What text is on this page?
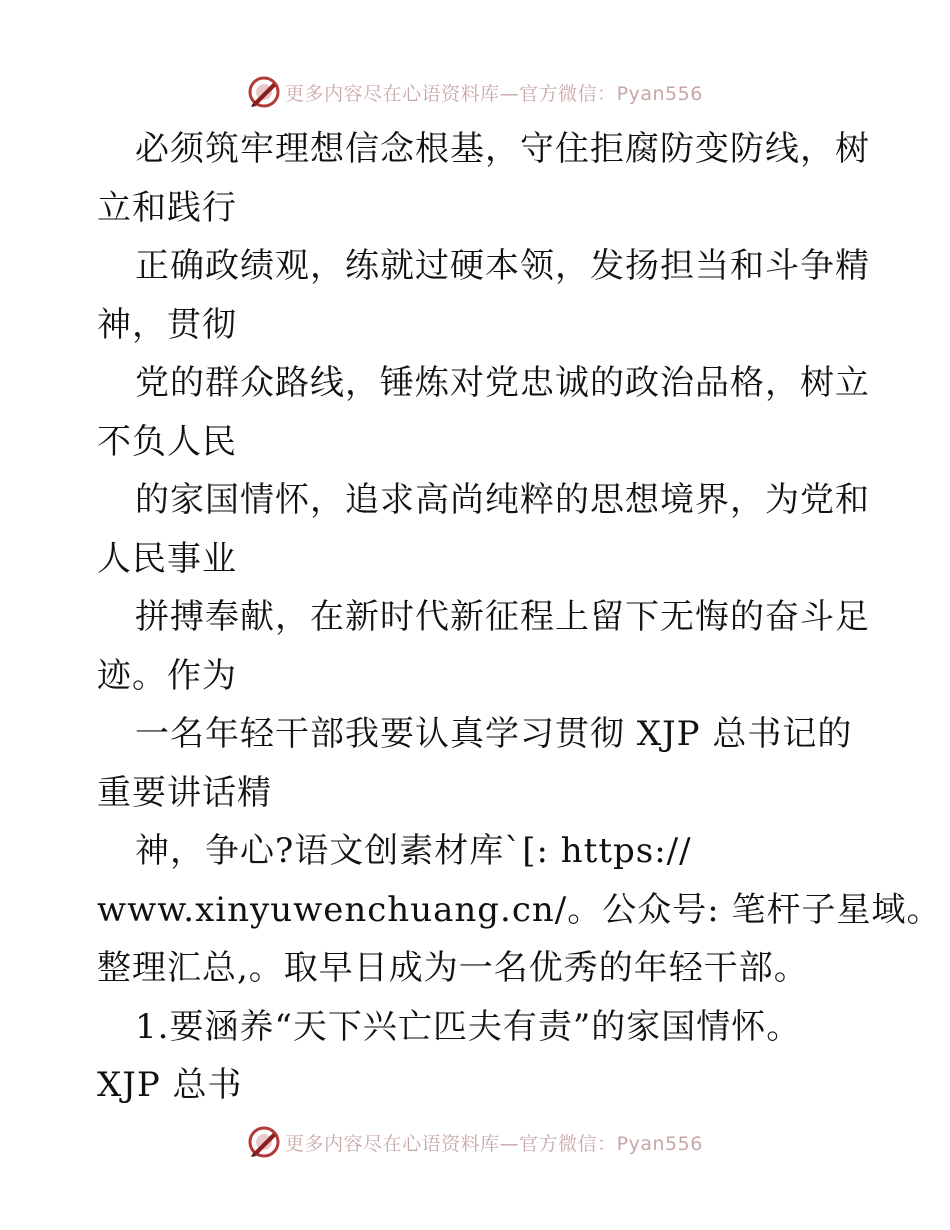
更多内容尽在心语资料库—官方微信：Pyan556
必须筑牢理想信念根基，守住拒腐防变防线，树
立和践行
正确政绩观，练就过硬本领，发扬担当和斗争精
神，贯彻
党的群众路线，锤炼对党忠诚的政治品格，树立
不负人民
的家国情怀，追求高尚纯粹的思想境界，为党和
人民事业
拼搏奉献，在新时代新征程上留下无悔的奋斗足
迹。作为
一名年轻干部我要认真学习贯彻 XJP 总书记的
重要讲话精
神，争心?语文创素材库`[: https://
www.xinyuwenchuang.cn/。公众号: 笔杆子星域。
整理汇总,。取早日成为一名优秀的年轻干部。
1.要涵养“天下兴亡匹夫有责”的家国情怀。
XJP 总书
更多内容尽在心语资料库—官方微信：Pyan556
